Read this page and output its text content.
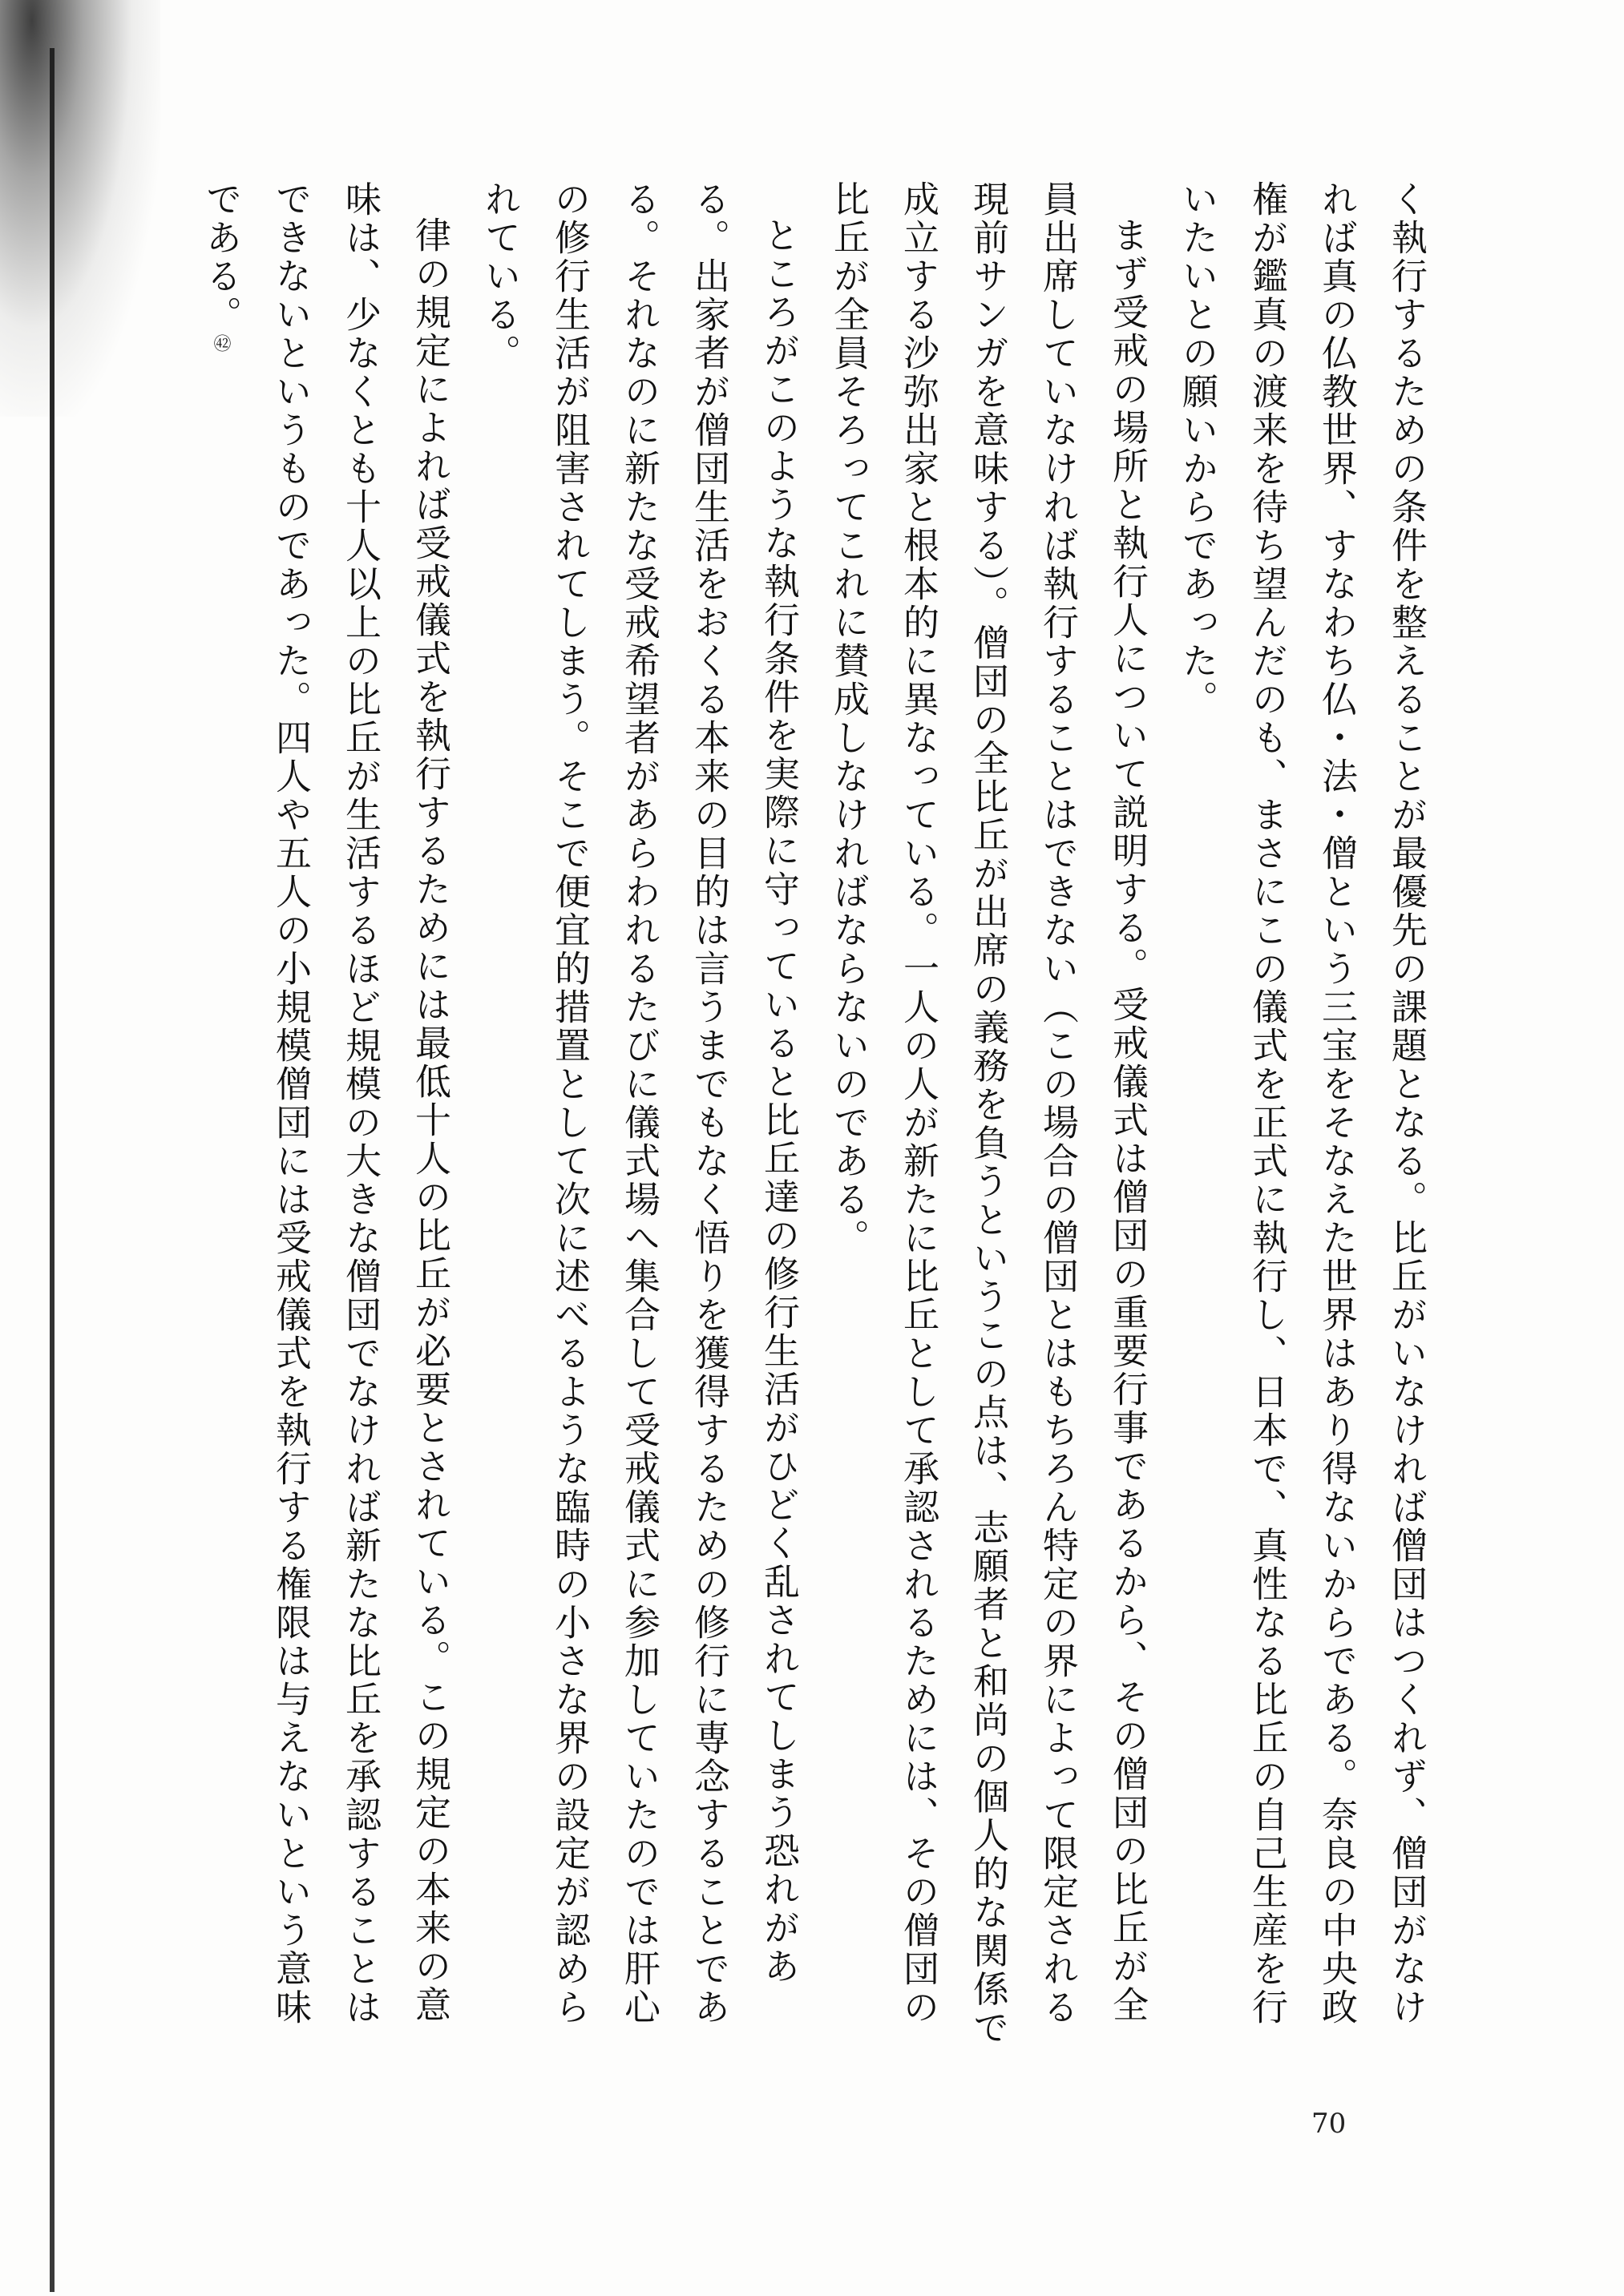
く執行するための条件を整えることが最優先の課題となる。比丘がいなければ僧団はつくれず、僧団がなければ真の仏教世界、すなわち仏・法・僧という三宝をそなえた世界はあり得ないからである。奈良の中央政権が鑑真の渡来を待ち望んだのも、まさにこの儀式を正式に執行し、日本で、真性なる比丘の自己生産を行いたいとの願いからであった。

まず受戒の場所と執行人について説明する。受戒儀式は僧団の重要行事であるから、その僧団の比丘が全員出席していなければ執行することはできない（この場合の僧団とはもちろん特定の界によって限定される現前サンガを意味する）。僧団の全比丘が出席の義務を負うというこの点は、志願者と和尚の個人的な関係で成立する沙弥出家と根本的に異なっている。一人の人が新たに比丘として承認されるためには、その僧団の比丘が全員そろってこれに賛成しなければならないのである。

ところがこのような執行条件を実際に守っていると比丘達の修行生活がひどく乱されてしまう恐れがある。出家者が僧団生活をおくる本来の目的は言うまでもなく悟りを獲得するための修行に専念することである。それなのに新たな受戒希望者があらわれるたびに儀式場へ集合して受戒儀式に参加していたのでは肝心の修行生活が阻害されてしまう。そこで便宜的措置として次に述べるような臨時の小さな界の設定が認められている。

律の規定によれば受戒儀式を執行するためには最低十人の比丘が必要とされている。この規定の本来の意味は、少なくとも十人以上の比丘が生活するほど規模の大きな僧団でなければ新たな比丘を承認することはできないというものであった。四人や五人の小規模僧団には受戒儀式を執行する権限は与えないという意味である。㊷

70
